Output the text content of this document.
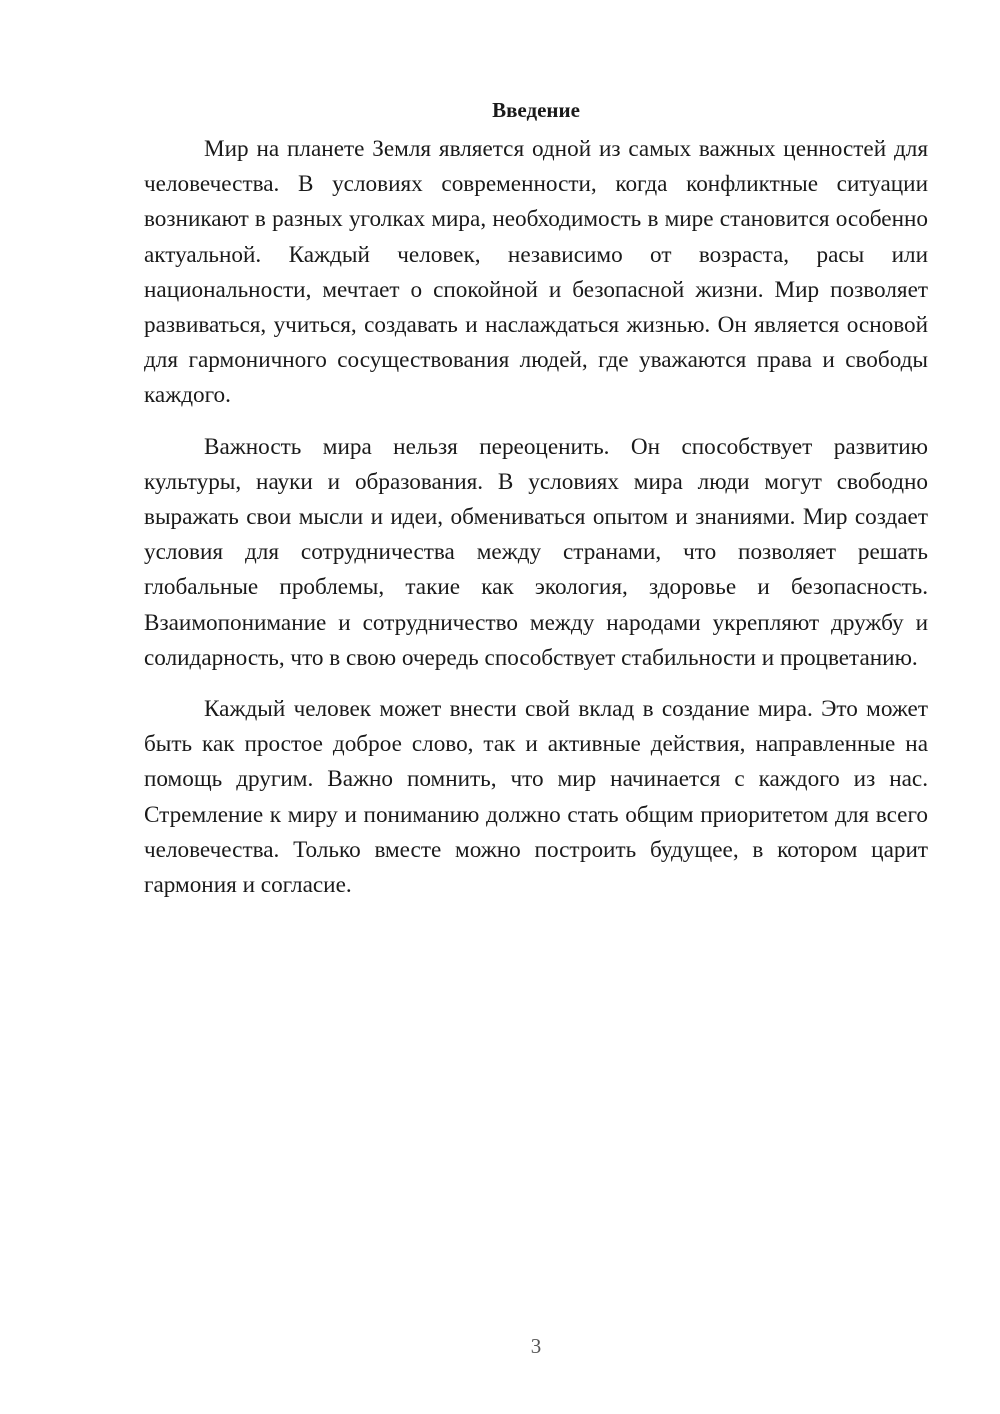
Введение

Мир на планете Земля является одной из самых важных ценностей для человечества. В условиях современности, когда конфликтные ситуации возникают в разных уголках мира, необходимость в мире становится особенно актуальной. Каждый человек, независимо от возраста, расы или национальности, мечтает о спокойной и безопасной жизни. Мир позволяет развиваться, учиться, создавать и наслаждаться жизнью. Он является основой для гармоничного сосуществования людей, где уважаются права и свободы каждого.

Важность мира нельзя переоценить. Он способствует развитию культуры, науки и образования. В условиях мира люди могут свободно выражать свои мысли и идеи, обмениваться опытом и знаниями. Мир создает условия для сотрудничества между странами, что позволяет решать глобальные проблемы, такие как экология, здоровье и безопасность. Взаимопонимание и сотрудничество между народами укрепляют дружбу и солидарность, что в свою очередь способствует стабильности и процветанию.

Каждый человек может внести свой вклад в создание мира. Это может быть как простое доброе слово, так и активные действия, направленные на помощь другим. Важно помнить, что мир начинается с каждого из нас. Стремление к миру и пониманию должно стать общим приоритетом для всего человечества. Только вместе можно построить будущее, в котором царит гармония и согласие.

3
